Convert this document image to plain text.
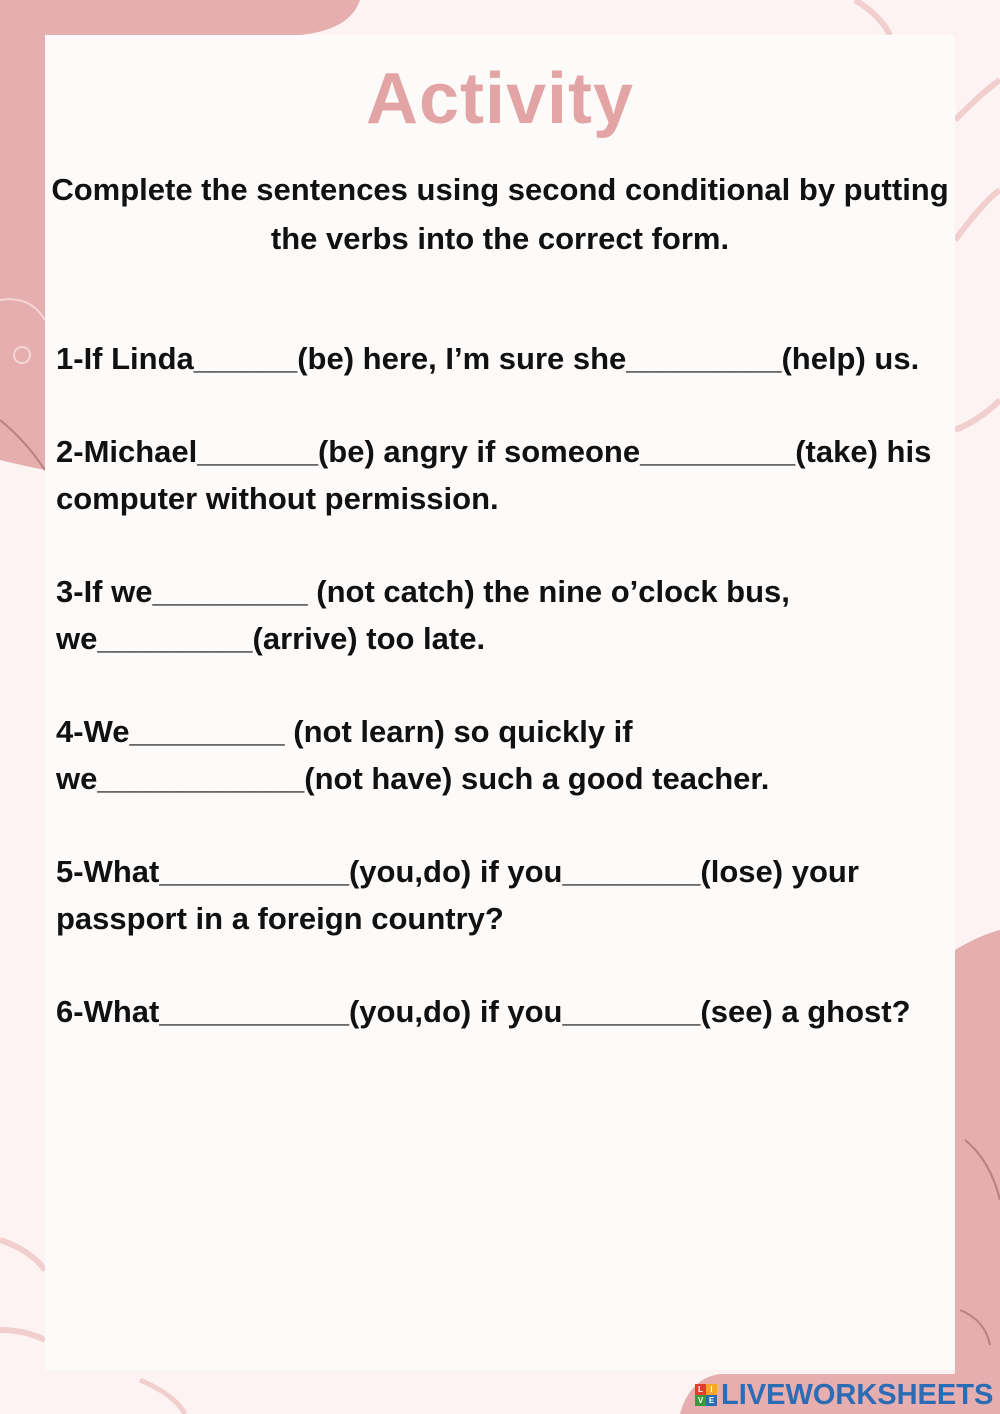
Activity
Complete the sentences using second conditional by putting the verbs into the correct form.
1-If Linda______(be) here, I’m sure she_________(help) us.
2-Michael_______(be) angry if someone_________(take) his computer without permission.
3-If we_________ (not catch) the nine o’clock bus, we_________(arrive) too late.
4-We_________ (not learn) so quickly if we____________(not have) such a good teacher.
5-What___________(you,do) if you________(lose) your passport in a foreign country?
6-What___________(you,do) if you________(see) a ghost?
L I
V E LIVEWORKSHEETS
